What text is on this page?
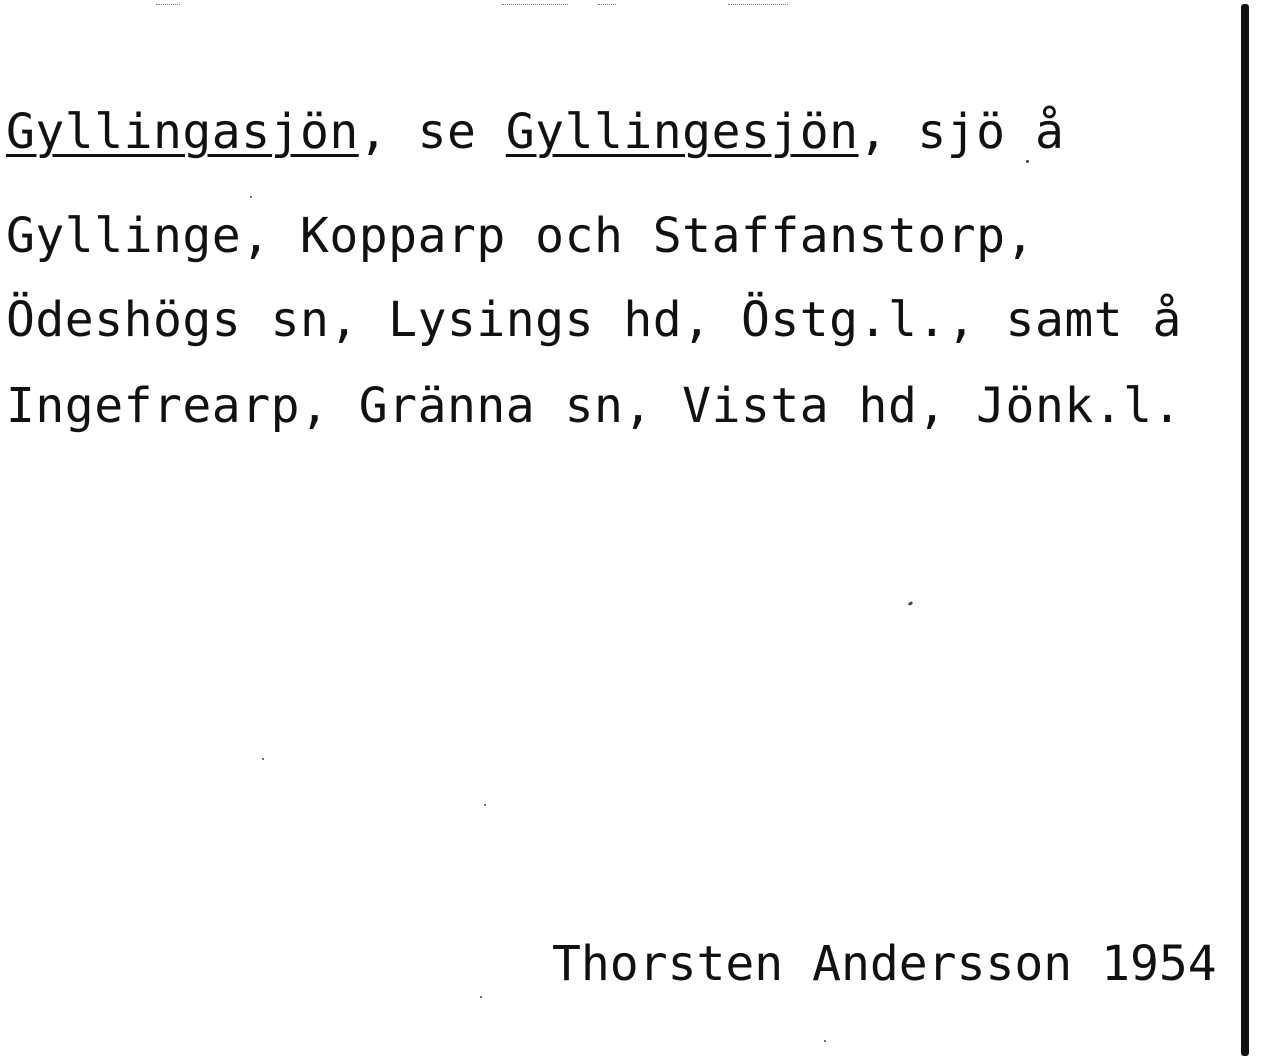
Gyllingasjön, se Gyllingesjön, sjö å
Gyllinge, Kopparp och Staffanstorp,
Ödeshögs sn, Lysings hd, Östg.l., samt å
Ingefrearp, Gränna sn, Vista hd, Jönk.l.
Thorsten Andersson 1954
